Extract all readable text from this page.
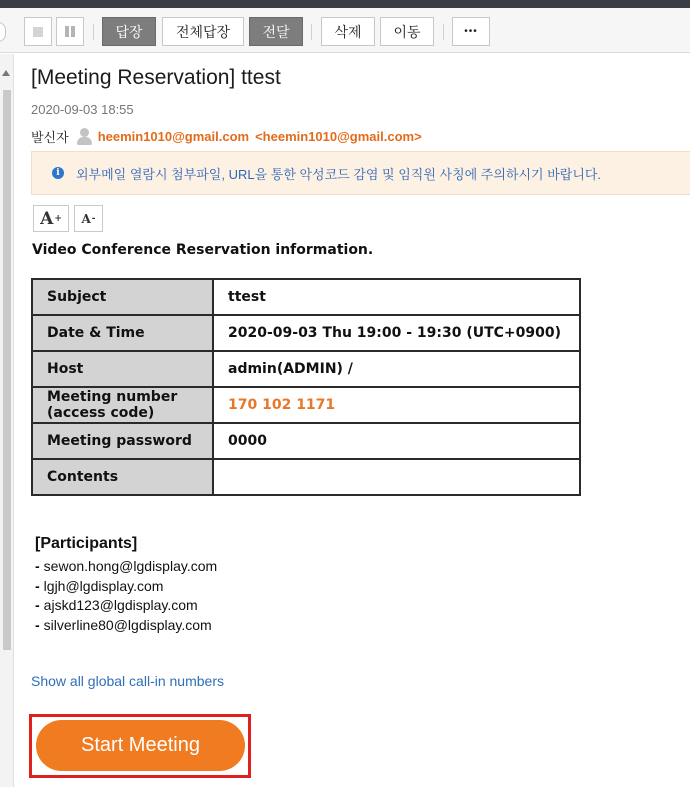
답장	전체답장	전달	삭제	이동	•••
[Meeting Reservation] ttest
2020-09-03 18:55
발신자 heemin1010@gmail.com <heemin1010@gmail.com>
i	외부메일 열람시 첨부파일, URL을 통한 악성코드 감염 및 임직원 사칭에 주의하시기 바랍니다.
A + A -
Video Conference Reservation information.
Subject	ttest
Date & Time	2020-09-03 Thu 19:00 - 19:30 (UTC+0900)
Host	admin(ADMIN) /
Meeting number
(access code)	170 102 1171
Meeting password	0000
Contents	
[Participants]
- sewon.hong@lgdisplay.com
- lgjh@lgdisplay.com
- ajskd123@lgdisplay.com
- silverline80@lgdisplay.com
Show all global call-in numbers
Start Meeting
